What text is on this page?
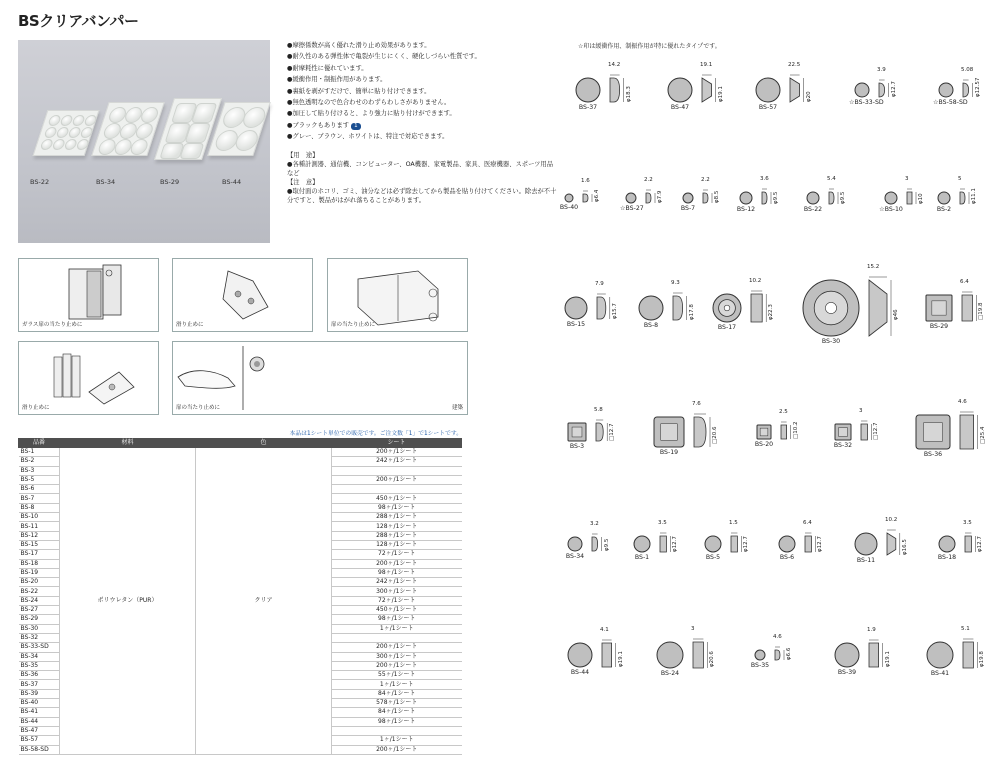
BSクリアバンパー
BS-22	BS-34	BS-29	BS-44
●摩擦係数が高く優れた滑り止め効果があります。
●耐久性のある弾性体で亀裂が生じにくく、硬化しづらい性質です。
●耐摩耗性に優れています。
●緩衝作用・制振作用があります。
●裏紙を剥がすだけで、簡単に貼り付けできます。
●無色透明なので色合わせのわずらわしさがありません。
●加圧して貼り付けると、より強力に貼り付けができます。
●ブラックもあります 1
●グレー、ブラウン、ホワイトは、特注で対応できます。
【用　途】
●各種計測器、通信機、コンピューター、OA機器、家電製品、家具、医療機器、スポーツ用品など
【注　意】
●取付面のホコリ、ゴミ、油分などは必ず除去してから製品を貼り付けてください。除去が不十分ですと、製品がはがれ落ちることがあります。
ガラス扉の当たり止めに	滑り止めに	扉の当たり止めに
滑り止めに	扉の当たり止めに	建築
本品は1シート単位での販売です。ご注文数「1」で1シートです。
品番	材料	色	シート
BS-1	ポリウレタン（PUR）	クリア	200ヶ/1シート
BS-2			242ヶ/1シート
BS-3			
BS-5			200ヶ/1シート
BS-6			
BS-7			450ヶ/1シート
BS-8			98ヶ/1シート
BS-10			288ヶ/1シート
BS-11			128ヶ/1シート
BS-12			288ヶ/1シート
BS-15			128ヶ/1シート
BS-17			72ヶ/1シート
BS-18			200ヶ/1シート
BS-19			98ヶ/1シート
BS-20			242ヶ/1シート
BS-22			300ヶ/1シート
BS-24			72ヶ/1シート
BS-27			450ヶ/1シート
BS-29			98ヶ/1シート
BS-30			1ヶ/1シート
BS-32			
BS-33-SD			200ヶ/1シート
BS-34			300ヶ/1シート
BS-35			200ヶ/1シート
BS-36			55ヶ/1シート
BS-37			1ヶ/1シート
BS-39			84ヶ/1シート
BS-40			578ヶ/1シート
BS-41			84ヶ/1シート
BS-44			98ヶ/1シート
BS-47			
BS-57			1ヶ/1シート
BS-58-SD			200ヶ/1シート
☆印は緩衝作用、制振作用が特に優れたタイプです。
14.2
φ18.3
BS-37
19.1
φ19.1
BS-47
22.5
φ20
BS-57
3.9
φ12.7
☆BS-33-SD
5.08
φ12.57
☆BS-58-SD
1.6
φ6.4
BS-40
2.2
φ7.9
☆BS-27
2.2
φ8.5
BS-7
3.6
φ9.5
BS-12
5.4
φ9.5
BS-22
3
φ10
☆BS-10
5
φ11.1
BS-2
7.9
φ15.7
BS-15
9.3
φ17.8
BS-8
10.2
φ22.3
BS-17
15.2
φ46
BS-30
6.4
□19.8
BS-29
5.8
□12.7
BS-3
7.6
□20.6
BS-19
2.5
□10.2
BS-20
3
□12.7
BS-32
4.6
□25.4
BS-36
3.2
φ9.5
BS-34
3.5
φ12.7
BS-1
1.5
φ12.7
BS-5
6.4
φ12.7
BS-6
10.2
φ16.5
BS-11
3.5
φ12.7
BS-18
4.1
φ19.1
BS-44
3
φ20.6
BS-24
4.6
φ6.6
BS-35
1.9
φ19.1
BS-39
5.1
φ19.8
BS-41
